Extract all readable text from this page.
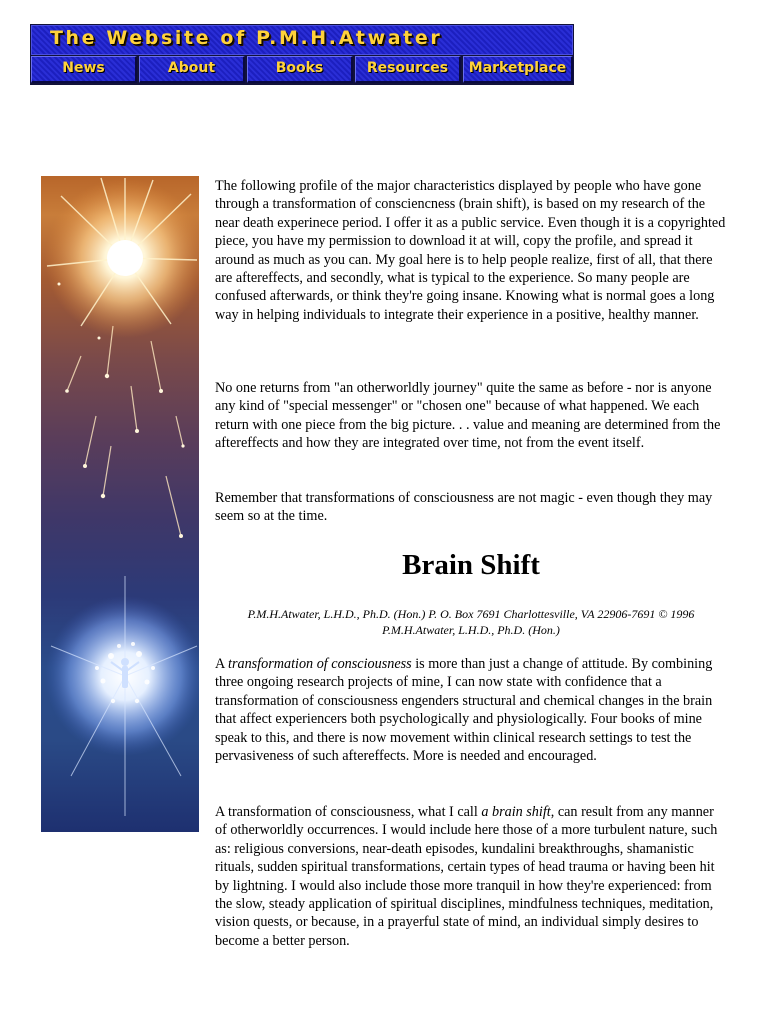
The Website of P.M.H.Atwater
News	About	Books	Resources	Marketplace

The following profile of the major characteristics displayed by people who have gone through a transformation of consciencness (brain shift), is based on my research of the near death experinece period. I offer it as a public service. Even though it is a copyrighted piece, you have my permission to download it at will, copy the profile, and spread it around as much as you can. My goal here is to help people realize, first of all, that there are aftereffects, and secondly, what is typical to the experience. So many people are confused afterwards, or think they're going insane. Knowing what is normal goes a long way in helping individuals to integrate their experience in a positive, healthy manner.

No one returns from "an otherworldly journey" quite the same as before - nor is anyone any kind of "special messenger" or "chosen one" because of what happened. We each return with one piece from the big picture. . . value and meaning are determined from the aftereffects and how they are integrated over time, not from the event itself.

Remember that transformations of consciousness are not magic - even though they may seem so at the time.

Brain Shift
P.M.H.Atwater, L.H.D., Ph.D. (Hon.) P. O. Box 7691 Charlottesville, VA 22906-7691 © 1996 P.M.H.Atwater, L.H.D., Ph.D. (Hon.)

A transformation of consciousness is more than just a change of attitude. By combining three ongoing research projects of mine, I can now state with confidence that a transformation of consciousness engenders structural and chemical changes in the brain that affect experiencers both psychologically and physiologically. Four books of mine speak to this, and there is now movement within clinical research settings to test the pervasiveness of such aftereffects. More is needed and encouraged.

A transformation of consciousness, what I call a brain shift, can result from any manner of otherworldly occurrences. I would include here those of a more turbulent nature, such as: religious conversions, near-death episodes, kundalini breakthroughs, shamanistic rituals, sudden spiritual transformations, certain types of head trauma or having been hit by lightning. I would also include those more tranquil in how they're experienced: from the slow, steady application of spiritual disciplines, mindfulness techniques, meditation, vision quests, or because, in a prayerful state of mind, an individual simply desires to become a better person.
